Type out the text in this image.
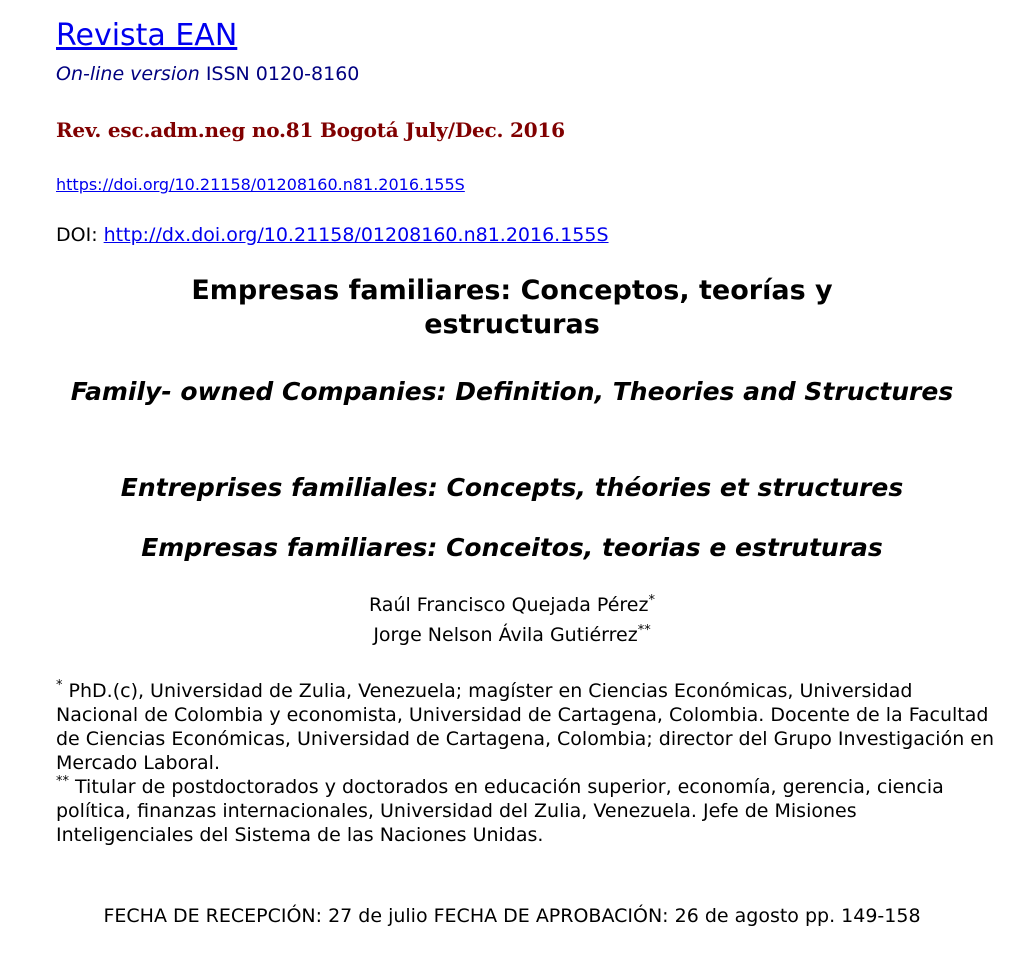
Revista EAN
On-line version ISSN 0120-8160
Rev. esc.adm.neg no.81 Bogotá July/Dec. 2016
https://doi.org/10.21158/01208160.n81.2016.155S
DOI: http://dx.doi.org/10.21158/01208160.n81.2016.155S
Empresas familiares: Conceptos, teorías y estructuras
Family- owned Companies: Definition, Theories and Structures
Entreprises familiales: Concepts, théories et structures
Empresas familiares: Conceitos, teorias e estruturas
Raúl Francisco Quejada Pérez*
Jorge Nelson Ávila Gutiérrez**
* PhD.(c), Universidad de Zulia, Venezuela; magíster en Ciencias Económicas, Universidad Nacional de Colombia y economista, Universidad de Cartagena, Colombia. Docente de la Facultad de Ciencias Económicas, Universidad de Cartagena, Colombia; director del Grupo Investigación en Mercado Laboral.
** Titular de postdoctorados y doctorados en educación superior, economía, gerencia, ciencia política, finanzas internacionales, Universidad del Zulia, Venezuela. Jefe de Misiones Inteligenciales del Sistema de las Naciones Unidas.
FECHA DE RECEPCIÓN: 27 de julio FECHA DE APROBACIÓN: 26 de agosto pp. 149-158
